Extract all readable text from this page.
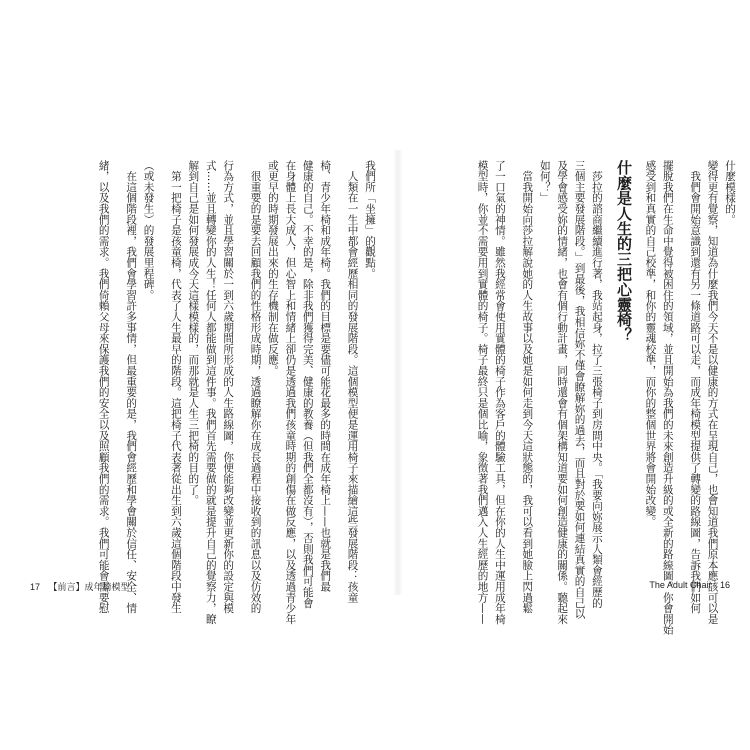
什麼模樣的。
變得更有覺察，知道為什麼我們今天不是以健康的方式在呈現自己，也會知道我們原本應該可以是
我們會開始意識到還有另一條道路可以走，而成年椅模型提供了轉變的路線圖，告訴我們如何
擺脫我們在生命中覺得被困住的領域，並且開始為我們的未來創造升級的或全新的路線圖。你會開始
感受到和真實的自己校準，和你的靈魂校準，而你的整個世界將會開始改變。
什麼是人生的三把心靈椅？
莎拉的諮商繼續進行著，我站起身，拉了三張椅子到房間中央。「我要向妳展示人類會經歷的
三個主要發展階段。」到最後，我相信妳不僅會瞭解妳的過去，而且對於要如何連結真實的自己以
及學會感受妳的情緒，也會有個行動計畫，同時還會有個架構知道要如何創造健康的關係。聽起來
如何？」
當我開始向莎拉解說她的人生故事以及她是如何走到今天這狀態的，我可以看到她臉上閃過鬆
了一口氣的神情。雖然我經常會使用實體的椅子作為客戶的體驗工具，但在你的人生中運用成年椅
模型時，你並不需要用到實體的椅子。椅子最終只是個比喻，象徵著我們邁入人生經歷的地方——
我們所「坐擁」的觀點。
人類在一生中都會經歷相同的發展階段。這個模型便是運用椅子來描繪這些發展階段：孩童
椅、青少年椅和成年椅。我們的目標是要儘可能花最多的時間在成年椅上——也就是我們最
健康的自己。不幸的是，除非我們獲得完美、健康的教養（但我們全都沒有），否則我們可能會
在身體上長大成人，但心智上和情緒上卻仍是透過我們孩童時期的創傷在做反應，以及透過青少年
或更早的時期發展出來的生存機制在做反應。
很重要的是要去回顧我們的性格形成時期，透過瞭解你在成長過程中接收到的訊息以及仿效的
行為方式，並且學習關於一到六歲期間所形成的人生路線圖，你便能夠改變並更新你的設定與模
式……並且轉變你的人生！任何人都能做到這件事。我們首先需要做的就是提升自己的覺察力，瞭
解到自己是如何發展成今天這樣模樣的，而那就是人生三把椅的目的了。
第一把椅子是孩童椅，代表了人生最早的階段。這把椅子代表著從出生到六歲這個階段中發生
（或未發生）的發展里程碑。
在這個階段裡，我們會學習許多事情，但最重要的是，我們會經歷和學會關於信任、安全、情
緒，以及我們的需求。我們倚賴父母來保護我們的安全以及照顧我們的需求。我們可能會需要慰
17 【前言】成年椅模型	The Adult Chair 16
